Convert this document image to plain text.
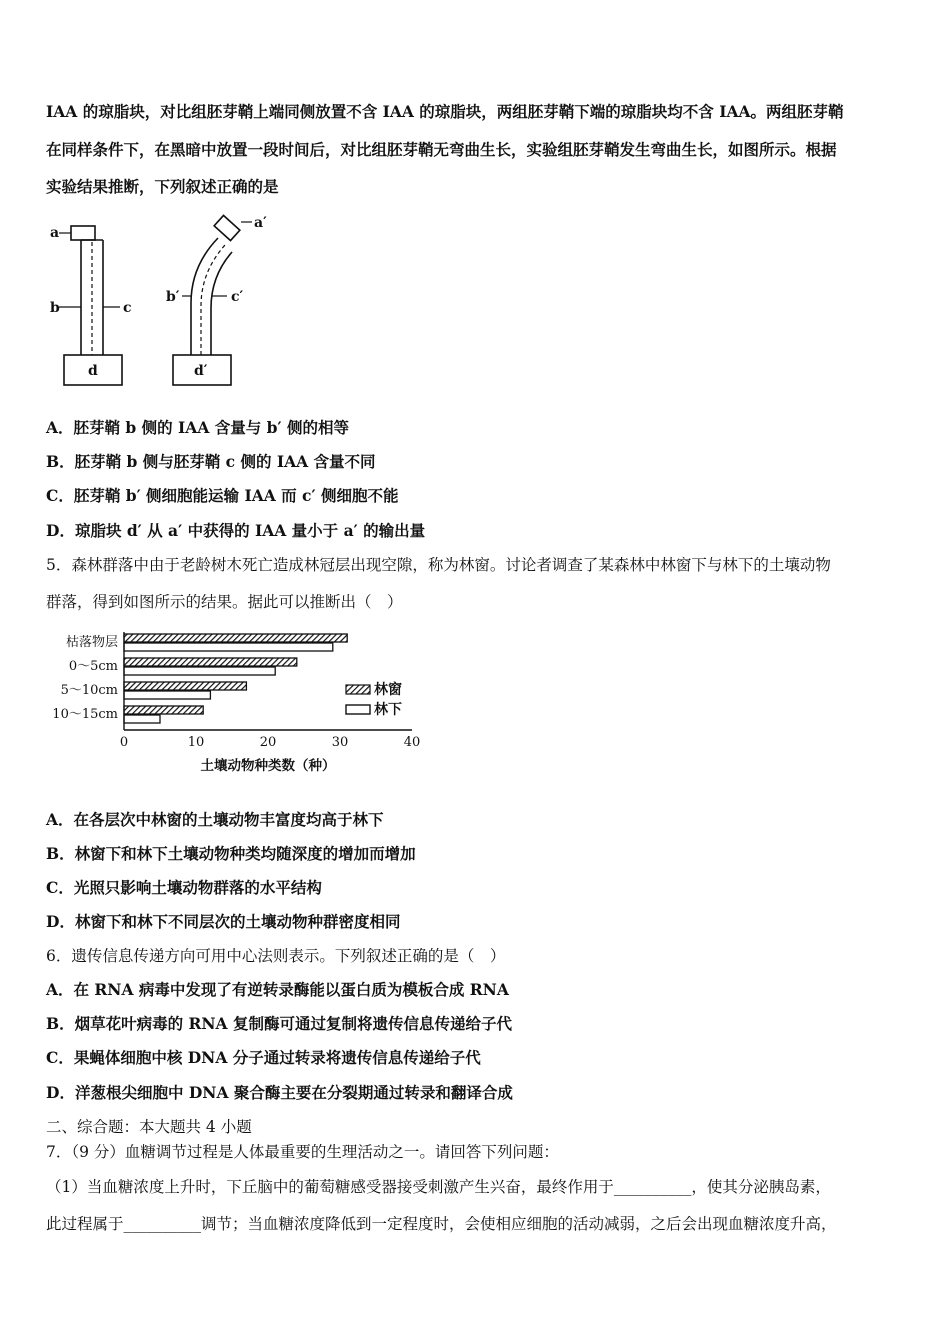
IAA 的琼脂块，对比组胚芽鞘上端同侧放置不含 IAA 的琼脂块，两组胚芽鞘下端的琼脂块均不含 IAA。两组胚芽鞘
在同样条件下，在黑暗中放置一段时间后，对比组胚芽鞘无弯曲生长，实验组胚芽鞘发生弯曲生长，如图所示。根据
实验结果推断，下列叙述正确的是
a
b	c
d
a′
b′	c′
d′
A．胚芽鞘 b 侧的 IAA 含量与 b′ 侧的相等
B．胚芽鞘 b 侧与胚芽鞘 c 侧的 IAA 含量不同
C．胚芽鞘 b′ 侧细胞能运输 IAA 而 c′ 侧细胞不能
D．琼脂块 d′ 从 a′ 中获得的 IAA 量小于 a′ 的输出量
5．森林群落中由于老龄树木死亡造成林冠层出现空隙，称为林窗。讨论者调查了某森林中林窗下与林下的土壤动物
群落，得到如图所示的结果。据此可以推断出（　）
枯落物层
0～5cm
5～10cm
10～15cm
0	10	20	30	40
林窗
林下
土壤动物种类数（种）
A．在各层次中林窗的土壤动物丰富度均高于林下
B．林窗下和林下土壤动物种类均随深度的增加而增加
C．光照只影响土壤动物群落的水平结构
D．林窗下和林下不同层次的土壤动物种群密度相同
6．遗传信息传递方向可用中心法则表示。下列叙述正确的是（　）
A．在 RNA 病毒中发现了有逆转录酶能以蛋白质为模板合成 RNA
B．烟草花叶病毒的 RNA 复制酶可通过复制将遗传信息传递给子代
C．果蝇体细胞中核 DNA 分子通过转录将遗传信息传递给子代
D．洋葱根尖细胞中 DNA 聚合酶主要在分裂期通过转录和翻译合成
二、综合题：本大题共 4 小题
7．（9 分）血糖调节过程是人体最重要的生理活动之一。请回答下列问题：
（1）当血糖浓度上升时，下丘脑中的葡萄糖感受器接受刺激产生兴奋，最终作用于__________，使其分泌胰岛素，
此过程属于__________调节；当血糖浓度降低到一定程度时，会使相应细胞的活动减弱，之后会出现血糖浓度升高，
